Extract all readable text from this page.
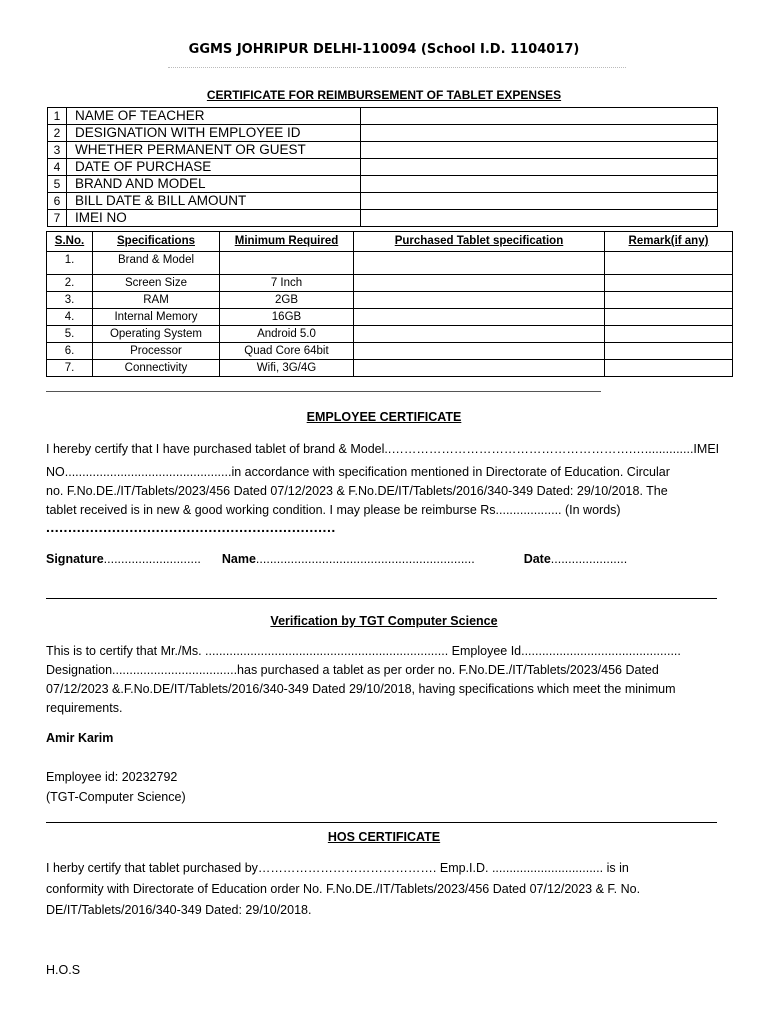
GGMS JOHRIPUR DELHI-110094 (School I.D. 1104017)
CERTIFICATE FOR REIMBURSEMENT OF TABLET EXPENSES
1	NAME OF TEACHER	
2	DESIGNATION WITH EMPLOYEE ID	
3	WHETHER PERMANENT OR GUEST	
4	DATE OF PURCHASE	
5	BRAND AND MODEL	
6	BILL DATE & BILL AMOUNT	
7	IMEI NO	
S.No.	Specifications	Minimum Required	Purchased Tablet specification	Remark(if any)
1.	Brand & Model			
2.	Screen Size	7 Inch		
3.	RAM	2GB		
4.	Internal Memory	16GB		
5.	Operating System	Android 5.0		
6.	Processor	Quad Core 64bit		
7.	Connectivity	Wifi, 3G/4G		
EMPLOYEE CERTIFICATE
I hereby certify that I have purchased tablet of brand & Model..………………………………………………….…..............IMEI
NO................................................in accordance with specification mentioned in Directorate of Education. Circular
no. F.No.DE./IT/Tablets/2023/456 Dated 07/12/2023 & F.No.DE/IT/Tablets/2016/340-349 Dated: 29/10/2018. The
tablet received is in new & good working condition. I may please be reimburse Rs................... (In words)
..................................................................
Signature............................ Name...............................................................	Date......................
Verification by TGT Computer Science
This is to certify that Mr./Ms. ...................................................................... Employee Id..............................................
Designation....................................has purchased a tablet as per order no. F.No.DE./IT/Tablets/2023/456 Dated
07/12/2023 &.F.No.DE/IT/Tablets/2016/340-349 Dated 29/10/2018, having specifications which meet the minimum
requirements.
Amir Karim
Employee id: 20232792
(TGT-Computer Science)
HOS CERTIFICATE
I herby certify that tablet purchased by……………………………………. Emp.I.D. ................................ is in
conformity with Directorate of Education order No. F.No.DE./IT/Tablets/2023/456 Dated 07/12/2023 & F. No.
DE/IT/Tablets/2016/340-349 Dated: 29/10/2018.
H.O.S
